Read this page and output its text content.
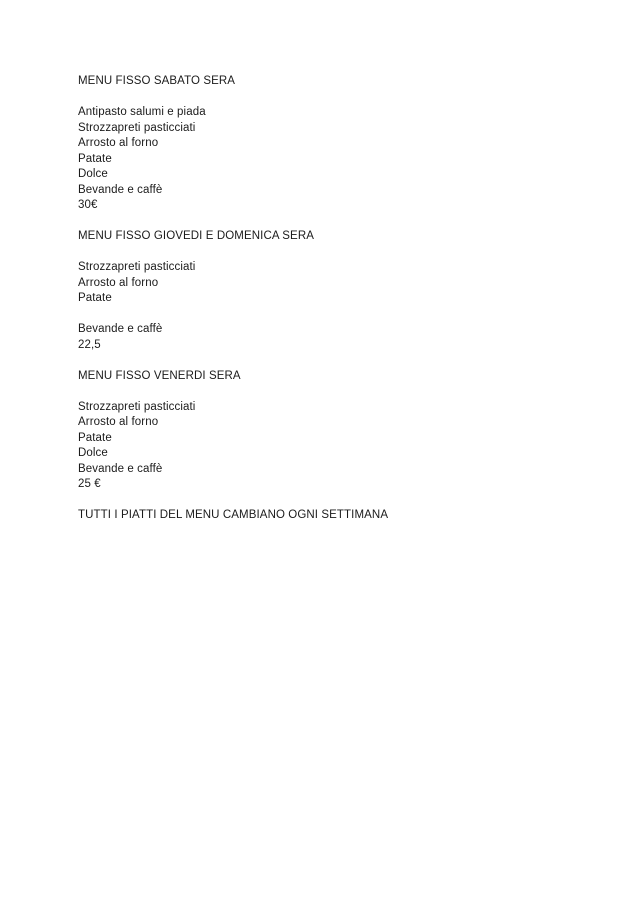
MENU FISSO SABATO SERA

Antipasto salumi e piada
Strozzapreti pasticciati
Arrosto al forno
Patate
Dolce
Bevande e caffè
30€

MENU FISSO GIOVEDI E DOMENICA SERA

Strozzapreti pasticciati
Arrosto al forno
Patate

Bevande e caffè
22,5

MENU FISSO VENERDI SERA

Strozzapreti pasticciati
Arrosto al forno
Patate
Dolce
Bevande e caffè
25 €

TUTTI I PIATTI DEL MENU CAMBIANO OGNI SETTIMANA
